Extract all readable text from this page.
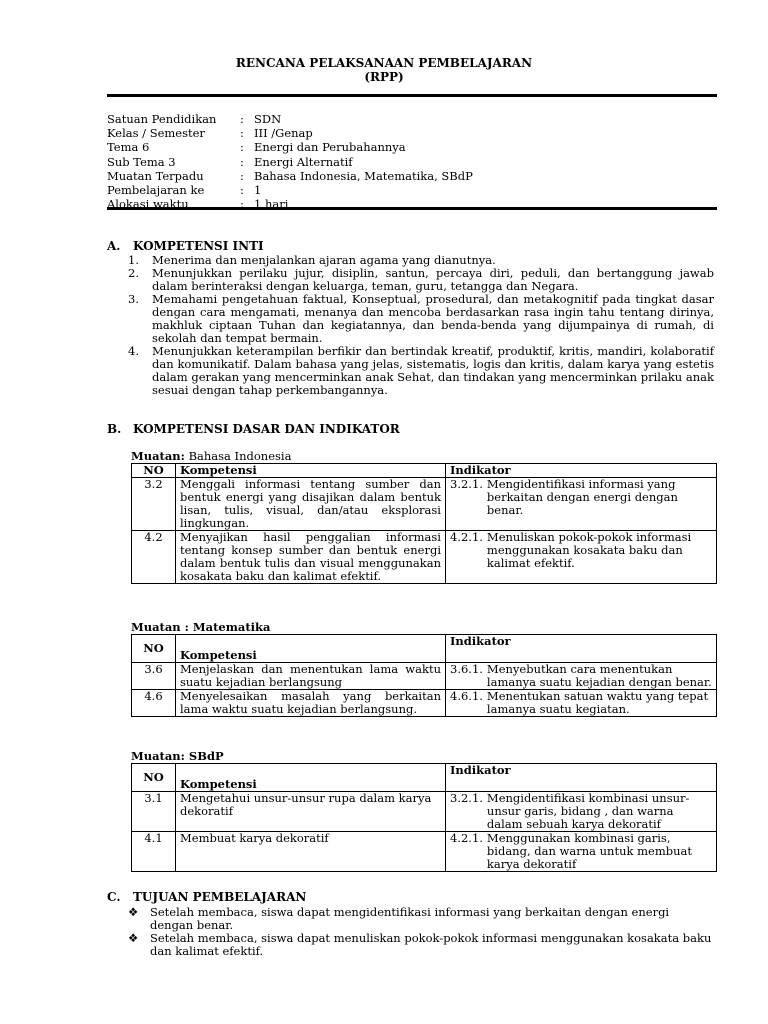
RENCANA PELAKSANAAN PEMBELAJARAN
(RPP)
Satuan Pendidikan	: SDN
Kelas / Semester	: III /Genap
Tema 6	: Energi dan Perubahannya
Sub Tema 3	: Energi Alternatif
Muatan Terpadu	: Bahasa Indonesia, Matematika, SBdP
Pembelajaran ke	: 1
Alokasi waktu	: 1 hari
A. KOMPETENSI INTI
1.	Menerima dan menjalankan ajaran agama yang dianutnya.
2.	Menunjukkan perilaku jujur, disiplin, santun, percaya diri, peduli, dan bertanggung jawab dalam berinteraksi dengan keluarga, teman, guru, tetangga dan Negara.
3.	Memahami pengetahuan faktual, Konseptual, prosedural, dan metakognitif pada tingkat dasar dengan cara mengamati, menanya dan mencoba berdasarkan rasa ingin tahu tentang dirinya, makhluk ciptaan Tuhan dan kegiatannya, dan benda-benda yang dijumpainya di rumah, di sekolah dan tempat bermain.
4.	Menunjukkan keterampilan berfikir dan bertindak kreatif, produktif, kritis, mandiri, kolaboratif dan komunikatif. Dalam bahasa yang jelas, sistematis, logis dan kritis, dalam karya yang estetis dalam gerakan yang mencerminkan anak Sehat, dan tindakan yang mencerminkan prilaku anak sesuai dengan tahap perkembangannya.
B. KOMPETENSI DASAR DAN INDIKATOR
Muatan: Bahasa Indonesia
NO	Kompetensi	Indikator
3.2	Menggali informasi tentang sumber dan bentuk energi yang disajikan dalam bentuk lisan, tulis, visual, dan/atau eksplorasi lingkungan.	3.2.1. Mengidentifikasi informasi yang berkaitan dengan energi dengan benar.

4.2	Menyajikan hasil penggalian informasi tentang konsep sumber dan bentuk energi dalam bentuk tulis dan visual menggunakan kosakata baku dan kalimat efektif.	4.2.1. Menuliskan pokok-pokok informasi menggunakan kosakata baku dan kalimat efektif.
Muatan : Matematika
NO	Kompetensi	Indikator
3.6	Menjelaskan dan menentukan lama waktu suatu kejadian berlangsung	3.6.1. Menyebutkan cara menentukan lamanya suatu kejadian dengan benar.

4.6	Menyelesaikan masalah yang berkaitan lama waktu suatu kejadian berlangsung.	4.6.1. Menentukan satuan waktu yang tepat lamanya suatu kegiatan.
Muatan: SBdP
NO	Kompetensi	Indikator
3.1	Mengetahui unsur-unsur rupa dalam karya dekoratif	3.2.1. Mengidentifikasi kombinasi unsur-unsur garis, bidang , dan warna dalam sebuah karya dekoratif

4.1	Membuat karya dekoratif	4.2.1. Menggunakan kombinasi garis, bidang, dan warna untuk membuat karya dekoratif
C. TUJUAN PEMBELAJARAN
❖	Setelah membaca, siswa dapat mengidentifikasi informasi yang berkaitan dengan energi dengan benar.
❖	Setelah membaca, siswa dapat menuliskan pokok-pokok informasi menggunakan kosakata baku dan kalimat efektif.
